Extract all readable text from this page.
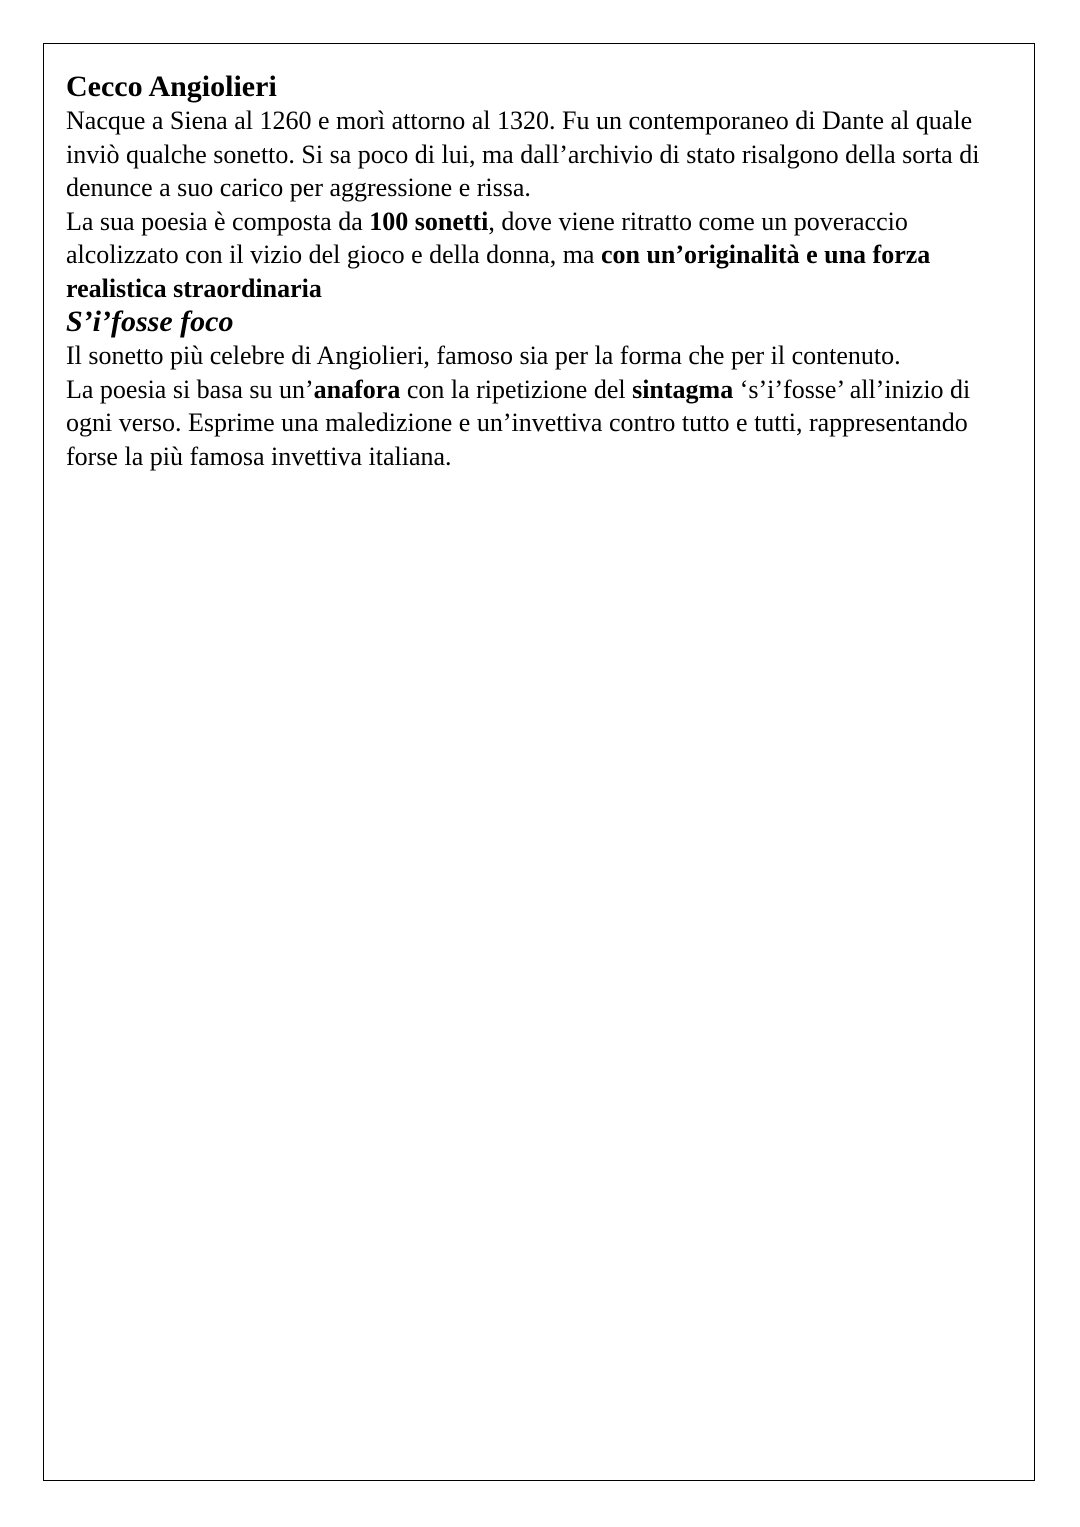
Cecco Angiolieri

Nacque a Siena al 1260 e morì attorno al 1320. Fu un contemporaneo di Dante al quale inviò qualche sonetto. Si sa poco di lui, ma dall’archivio di stato risalgono della sorta di denunce a suo carico per aggressione e rissa.

La sua poesia è composta da 100 sonetti, dove viene ritratto come un poveraccio alcolizzato con il vizio del gioco e della donna, ma con un’originalità e una forza realistica straordinaria

S’i’fosse foco

Il sonetto più celebre di Angiolieri, famoso sia per la forma che per il contenuto.

La poesia si basa su un’anafora con la ripetizione del sintagma ‘s’i’fosse’ all’inizio di ogni verso. Esprime una maledizione e un’invettiva contro tutto e tutti, rappresentando forse la più famosa invettiva italiana.
